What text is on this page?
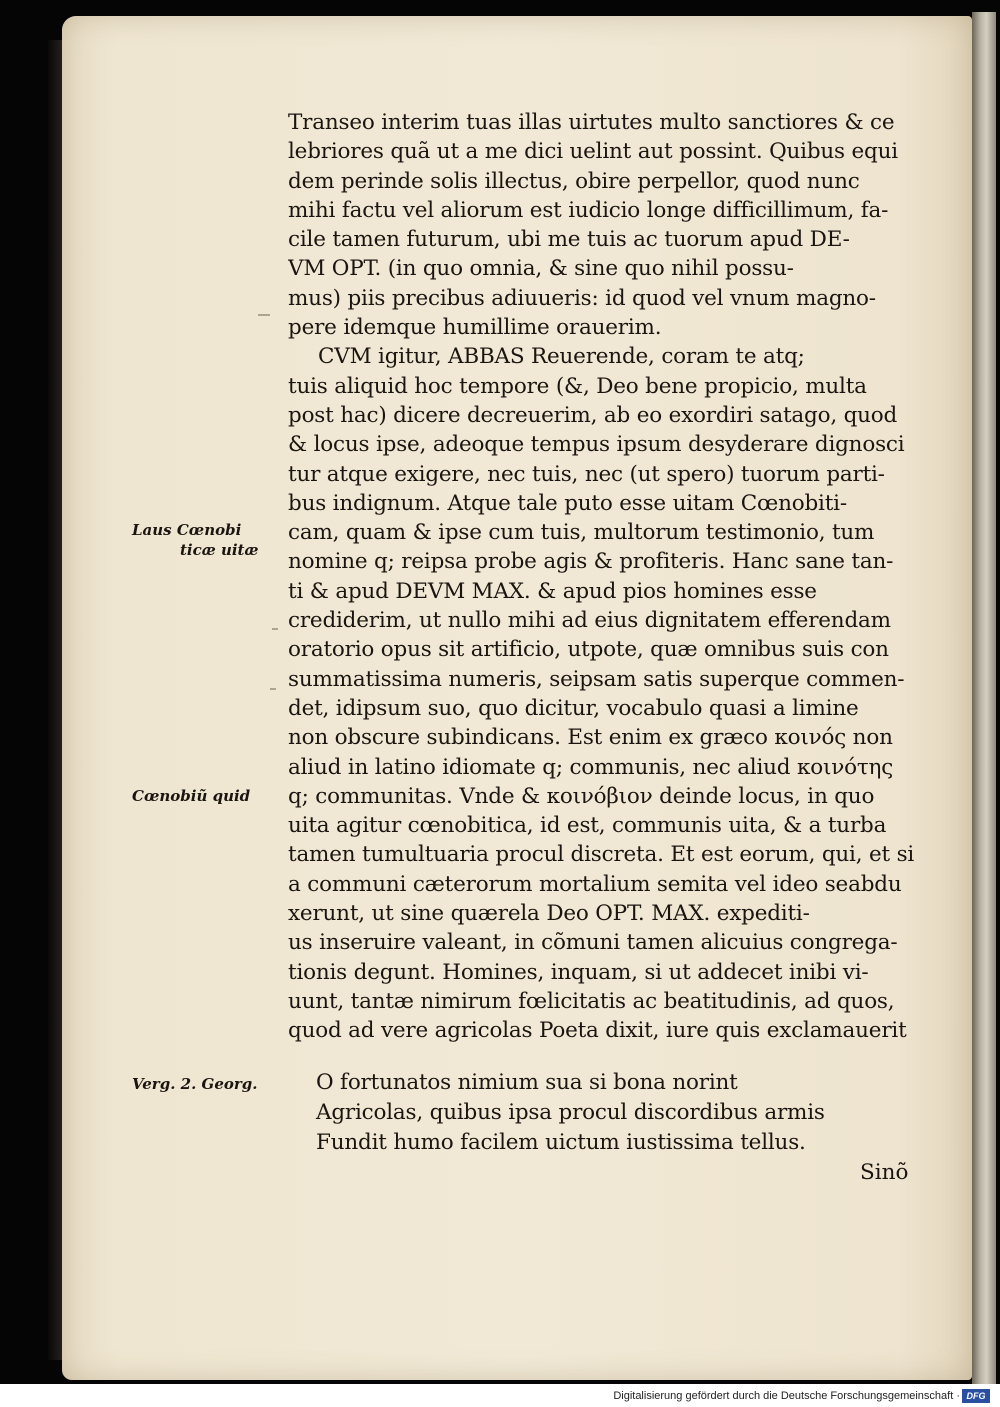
Transeo interim tuas illas uirtutes multo sanctiores & ce
lebriores quã ut a me dici uelint aut possint. Quibus equi
dem perinde solis illectus, obire perpellor, quod nunc
mihi factu vel aliorum est iudicio longe difficillimum, fa-
cile tamen futurum, ubi me tuis ac tuorum apud DE-
VM OPT. (in quo omnia, & sine quo nihil possu-
mus) piis precibus adiuueris: id quod vel vnum magno-
pere idemque humillime orauerim.
CVM igitur, ABBAS Reuerende, coram te atq;
tuis aliquid hoc tempore (&, Deo bene propicio, multa
post hac) dicere decreuerim, ab eo exordiri satago, quod
& locus ipse, adeoque tempus ipsum desyderare dignosci
tur atque exigere, nec tuis, nec (ut spero) tuorum parti-
bus indignum. Atque tale puto esse uitam Cœnobiti-
cam, quam & ipse cum tuis, multorum testimonio, tum
nomine q; reipsa probe agis & profiteris. Hanc sane tan-
ti & apud DEVM MAX. & apud pios homines esse
crediderim, ut nullo mihi ad eius dignitatem efferendam
oratorio opus sit artificio, utpote, quæ omnibus suis con
summatissima numeris, seipsam satis superque commen-
det, idipsum suo, quo dicitur, vocabulo quasi a limine
non obscure subindicans. Est enim ex græco κοινός non
aliud in latino idiomate q; communis, nec aliud κοινότης
q; communitas. Vnde & κοινόβιον deinde locus, in quo
uita agitur cœnobitica, id est, communis uita, & a turba
tamen tumultuaria procul discreta. Et est eorum, qui, et si
a communi cæterorum mortalium semita vel ideo seabdu
xerunt, ut sine quærela Deo OPT. MAX. expediti-
us inseruire valeant, in cõmuni tamen alicuius congrega-
tionis degunt. Homines, inquam, si ut addecet inibi vi-
uunt, tantæ nimirum fœlicitatis ac beatitudinis, ad quos,
quod ad vere agricolas Poeta dixit, iure quis exclamauerit
Laus Cœnobi
ticæ uitæ
Cœnobiũ quid
Verg. 2. Georg.	O fortunatos nimium sua si bona norint
Agricolas, quibus ipsa procul discordibus armis
Fundit humo facilem uictum iustissima tellus.
Sinõ
Digitalisierung gefördert durch die Deutsche Forschungsgemeinschaft · DFG
